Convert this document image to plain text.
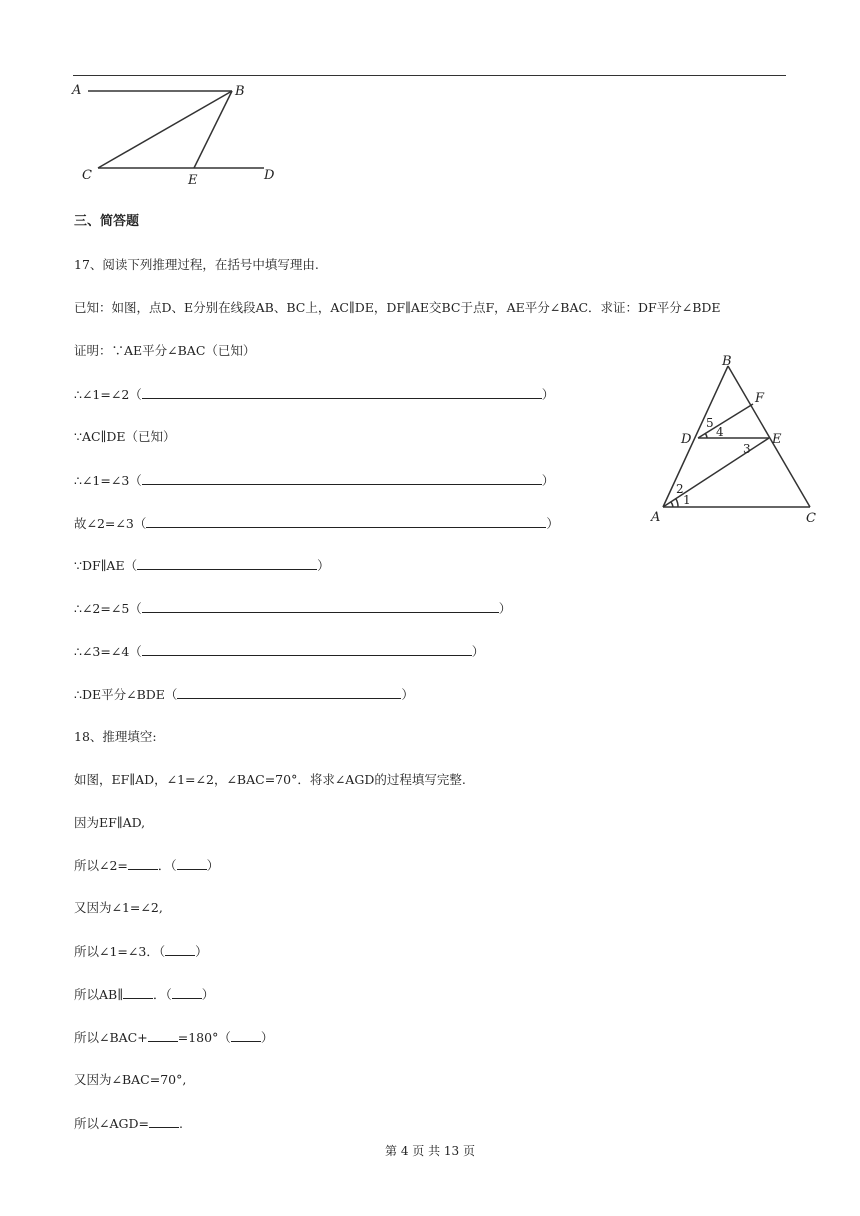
A	B
C	E	D
三、简答题
17、阅读下列推理过程，在括号中填写理由.
已知：如图，点D、E分别在线段AB、BC上，AC∥DE，DF∥AE交BC于点F，AE平分∠BAC．求证：DF平分∠BDE
证明：∵AE平分∠BAC（已知）
∴∠1=∠2（	）
∵AC∥DE（已知）
∴∠1=∠3（	）
故∠2=∠3（	）
∵DF∥AE（	）
∴∠2=∠5（	）
∴∠3=∠4（	）
∴DE平分∠BDE（	）
B
F
D	E
A	C
5
4
3
2
1
18、推理填空:
如图，EF∥AD，∠1=∠2，∠BAC=70°．将求∠AGD的过程填写完整.
因为EF∥AD,
所以∠2= ．（ ）
又因为∠1=∠2,
所以∠1=∠3．（ ）
所以AB∥ ．（ ）
所以∠BAC+ =180°（ ）
又因为∠BAC=70°,
所以∠AGD= .
第 4 页 共 13 页
